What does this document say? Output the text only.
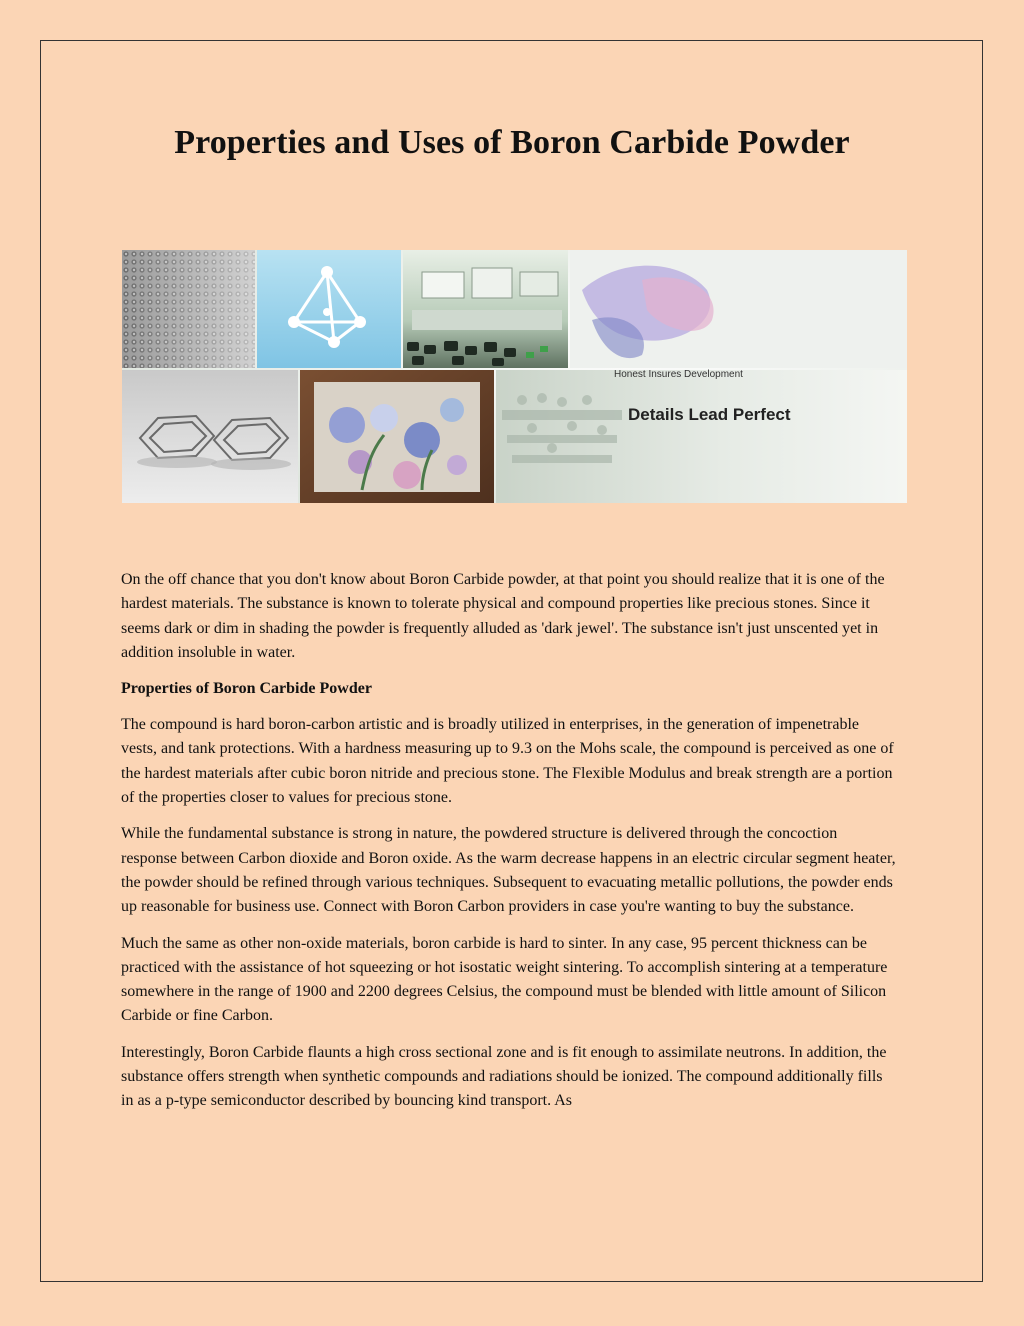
Properties and Uses of Boron Carbide Powder
Honest Insures Development
Details Lead Perfect

On the off chance that you don't know about Boron Carbide powder, at that point you should realize that it is one of the hardest materials. The substance is known to tolerate physical and compound properties like precious stones. Since it seems dark or dim in shading the powder is frequently alluded as 'dark jewel'. The substance isn't just unscented yet in addition insoluble in water.

Properties of Boron Carbide Powder

The compound is hard boron-carbon artistic and is broadly utilized in enterprises, in the generation of impenetrable vests, and tank protections. With a hardness measuring up to 9.3 on the Mohs scale, the compound is perceived as one of the hardest materials after cubic boron nitride and precious stone. The Flexible Modulus and break strength are a portion of the properties closer to values for precious stone.

While the fundamental substance is strong in nature, the powdered structure is delivered through the concoction response between Carbon dioxide and Boron oxide. As the warm decrease happens in an electric circular segment heater, the powder should be refined through various techniques. Subsequent to evacuating metallic pollutions, the powder ends up reasonable for business use. Connect with Boron Carbon providers in case you're wanting to buy the substance.

Much the same as other non-oxide materials, boron carbide is hard to sinter. In any case, 95 percent thickness can be practiced with the assistance of hot squeezing or hot isostatic weight sintering. To accomplish sintering at a temperature somewhere in the range of 1900 and 2200 degrees Celsius, the compound must be blended with little amount of Silicon Carbide or fine Carbon.

Interestingly, Boron Carbide flaunts a high cross sectional zone and is fit enough to assimilate neutrons. In addition, the substance offers strength when synthetic compounds and radiations should be ionized. The compound additionally fills in as a p-type semiconductor described by bouncing kind transport. As
